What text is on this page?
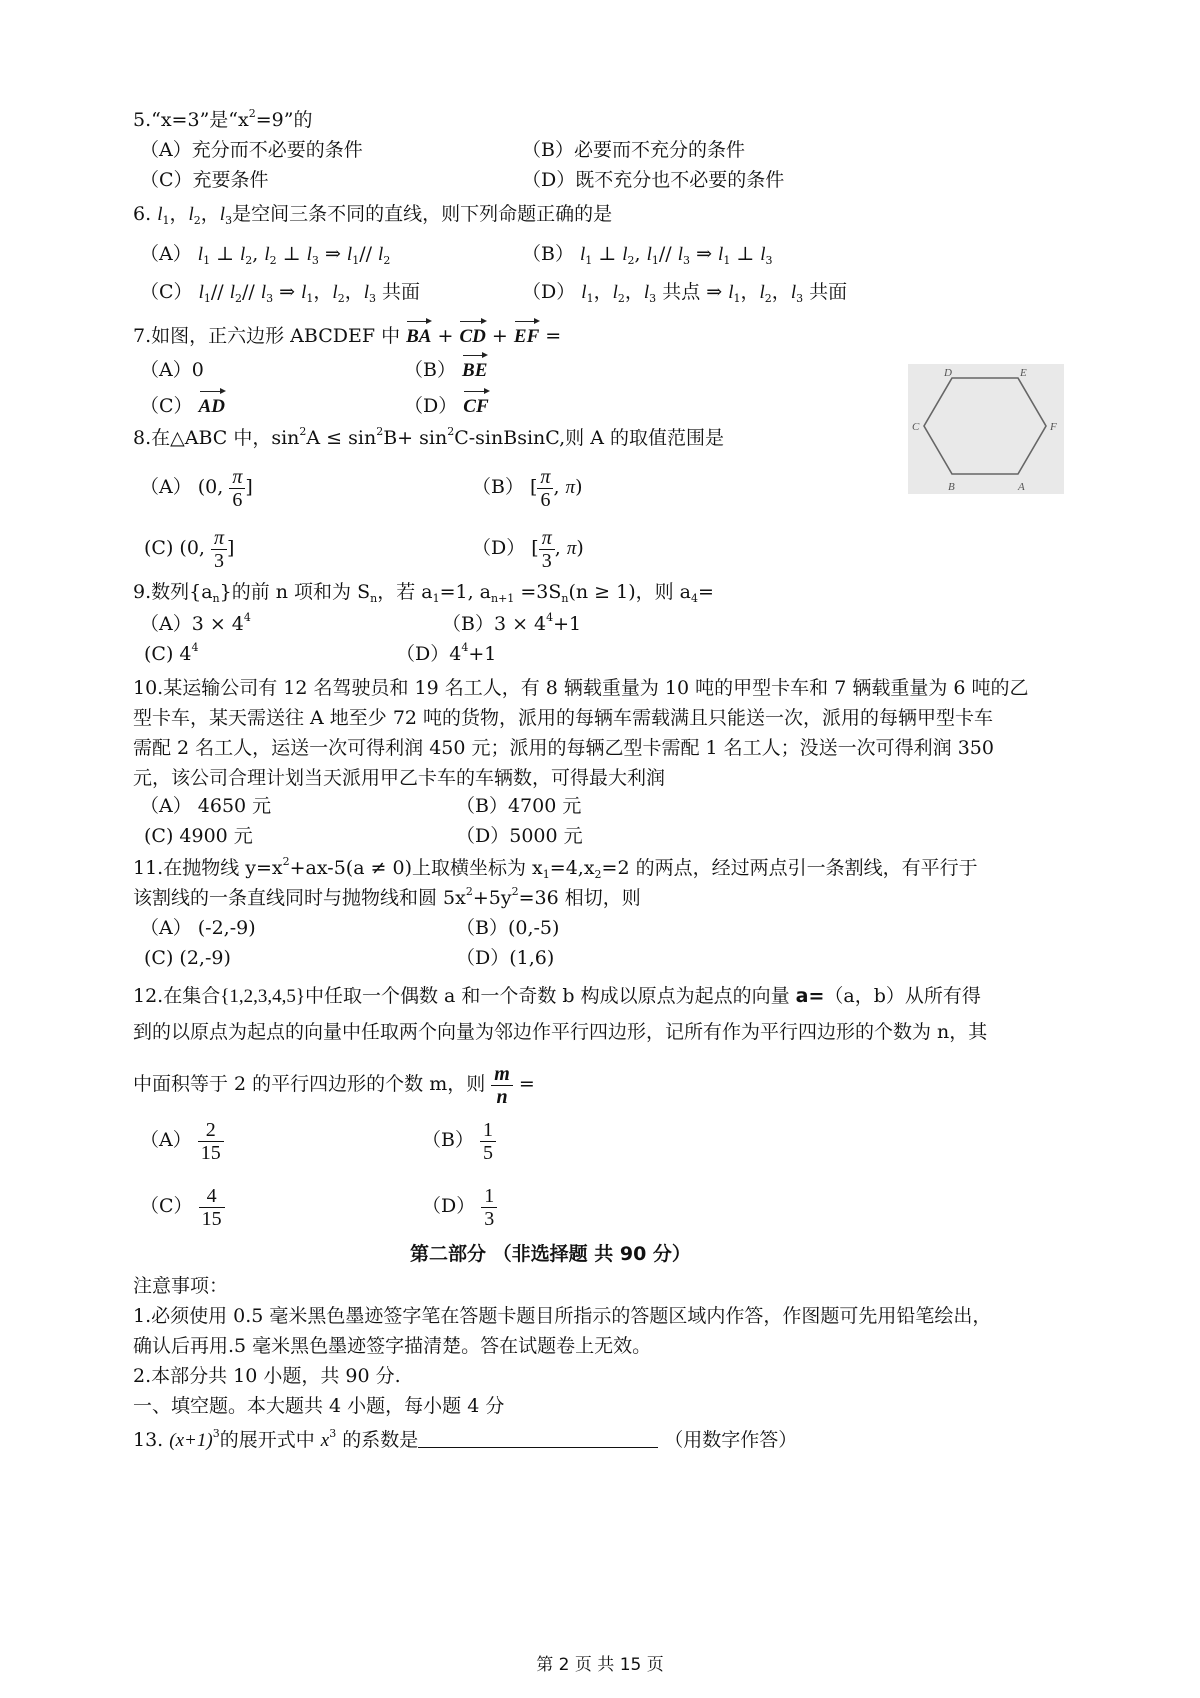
5.“x=3”是“$x^2=9$”的
（A）充分而不必要的条件	（B）必要而不充分的条件
（C）充要条件	（D）既不充分也不必要的条件
6. $l_1$，$l_2$，$l_3$是空间三条不同的直线，则下列命题正确的是
（A） $l_1$ ⊥ $l_2$, $l_2$ ⊥ $l_3$ ⇒ $l_1//$ $l_2$	（B） $l_1$ ⊥ $l_2$, $l_1//$ $l_3$ ⇒ $l_1$ ⊥ $l_3$
（C） $l_1//$ $l_2//$ $l_3$ ⇒ $l_1$，$l_2$，$l_3$ 共面	（D） $l_1$，$l_2$，$l_3$ 共点 ⇒ $l_1$，$l_2$，$l_3$ 共面
7.如图，正六边形 ABCDEF 中 BA + CD + EF =
（A）0	（B） BE
（C） AD	（D） CF
D	E
C	F
B	A
8.在△ABC 中，$\sin^2A \le \sin^2B+$ $\sin^2C$-sinBsinC,则 A 的取值范围是
（A） (0, $\frac{\pi}{6}$ ]	（B） [ $\frac{\pi}{6}$ , π)
(C) (0, $\frac{\pi}{3}$ ]	（D） [ $\frac{\pi}{3}$ , π)
9.数列$\{a_n\}$的前 n 项和为 $S_n$，若 $a_1=1$, $a_{n+1} =3S_n(n \ge 1)$，则 $a_4=$
$(A)3 \times 4^4$	$(B)3 \times 4^4+1$
(C) $4^4$	$(D)4^4+1$
10.某运输公司有 12 名驾驶员和 19 名工人，有 8 辆载重量为 10 吨的甲型卡车和 7 辆载重量为 6 吨的乙
型卡车，某天需送往 A 地至少 72 吨的货物，派用的每辆车需载满且只能送一次，派用的每辆甲型卡车
需配 2 名工人，运送一次可得利润 450 元；派用的每辆乙型卡需配 1 名工人；没送一次可得利润 350
元，该公司合理计划当天派用甲乙卡车的车辆数，可得最大利润
（A） 4650 元	（B）4700 元
(C) 4900 元	（D）5000 元
11.在抛物线 $y=x^2+ax-5(a \ne 0)$上取横坐标为 $x_1=4,x_2=2$ 的两点，经过两点引一条割线，有平行于
该割线的一条直线同时与抛物线和圆 $5x^2+5y^2=36$ 相切，则
（A） (-2,-9)	（B）(0,-5)
(C) (2,-9)	（D）(1,6)
12.在集合{1,2,3,4,5}中任取一个偶数 a 和一个奇数 b 构成以原点为起点的向量 a=（a，b）从所有得
到的以原点为起点的向量中任取两个向量为邻边作平行四边形，记所有作为平行四边形的个数为 n，其
中面积等于 2 的平行四边形的个数 m，则 $\frac{m}{n}$ =
$(A) \frac{2}{15}$	$(B) \frac{1}{5}$
$(C) \frac{4}{15}$	$(D) \frac{1}{3}$
第二部分 （非选择题 共 90 分）
注意事项：
1.必须使用 0.5 毫米黑色墨迹签字笔在答题卡题目所指示的答题区域内作答，作图题可先用铅笔绘出，
确认后再用.5 毫米黑色墨迹签字描清楚。答在试题卷上无效。
2.本部分共 10 小题，共 90 分.
一、填空题。本大题共 4 小题，每小题 4 分
13. $(x+1)^3$的展开式中 $x^3$ 的系数是	（用数字作答）
第 2 页 共 15 页
